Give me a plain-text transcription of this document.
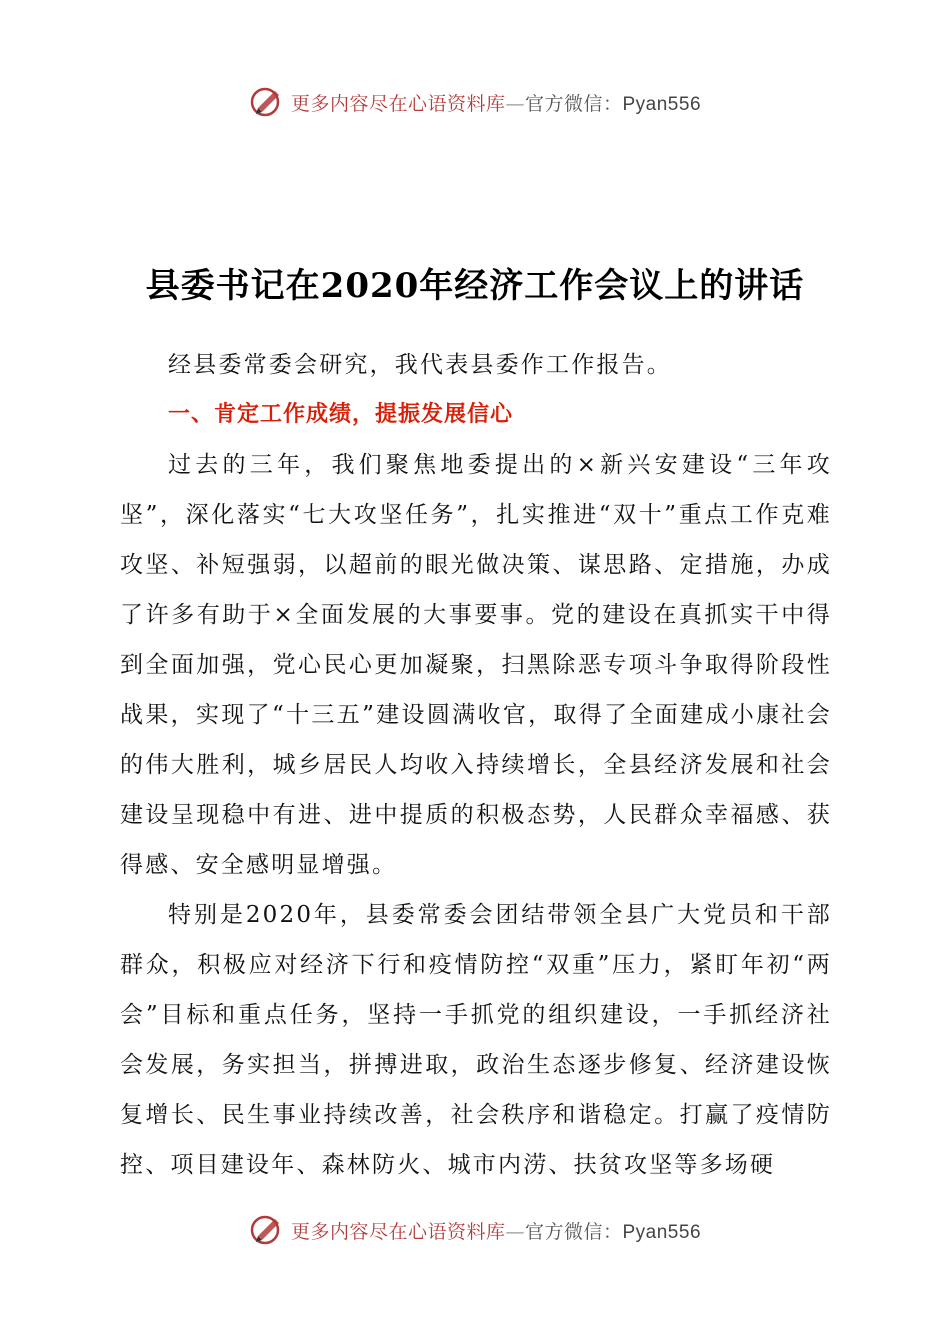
更多内容尽在心语资料库—官方微信：Pyan556
县委书记在2020年经济工作会议上的讲话

经县委常委会研究，我代表县委作工作报告。

一、肯定工作成绩，提振发展信心

过去的三年，我们聚焦地委提出的×新兴安建设“三年攻坚”，深化落实“七大攻坚任务”，扎实推进“双十”重点工作克难攻坚、补短强弱，以超前的眼光做决策、谋思路、定措施，办成了许多有助于×全面发展的大事要事。党的建设在真抓实干中得到全面加强，党心民心更加凝聚，扫黑除恶专项斗争取得阶段性战果，实现了“十三五”建设圆满收官，取得了全面建成小康社会的伟大胜利，城乡居民人均收入持续增长，全县经济发展和社会建设呈现稳中有进、进中提质的积极态势，人民群众幸福感、获得感、安全感明显增强。

特别是2020年，县委常委会团结带领全县广大党员和干部群众，积极应对经济下行和疫情防控“双重”压力，紧盯年初“两会”目标和重点任务，坚持一手抓党的组织建设，一手抓经济社会发展，务实担当，拼搏进取，政治生态逐步修复、经济建设恢复增长、民生事业持续改善，社会秩序和谐稳定。打赢了疫情防控、项目建设年、森林防火、城市内涝、扶贫攻坚等多场硬

更多内容尽在心语资料库—官方微信：Pyan556
